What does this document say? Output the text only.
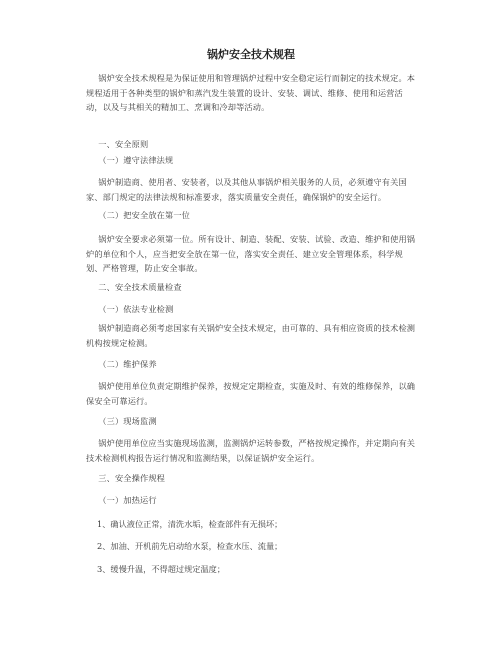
锅炉安全技术规程

锅炉安全技术规程是为保证使用和管理锅炉过程中安全稳定运行而制定的技术规定。本规程适用于各种类型的锅炉和蒸汽发生装置的设计、安装、调试、维修、使用和运营活动，以及与其相关的精加工、烹调和冷却等活动。

一、安全原则

（一）遵守法律法规

锅炉制造商、使用者、安装者，以及其他从事锅炉相关服务的人员，必须遵守有关国家、部门规定的法律法规和标准要求，落实质量安全责任，确保锅炉的安全运行。

（二）把安全放在第一位

锅炉安全要求必须第一位。所有设计、制造、装配、安装、试验、改造、维护和使用锅炉的单位和个人，应当把安全放在第一位，落实安全责任、建立安全管理体系，科学规划、严格管理，防止安全事故。

二、安全技术质量检查

（一）依法专业检测

锅炉制造商必须考虑国家有关锅炉安全技术规定，由可靠的、具有相应资质的技术检测机构按规定检测。

（二）维护保养

锅炉使用单位负责定期维护保养，按规定定期检查，实施及时、有效的维修保养，以确保安全可靠运行。

（三）现场监测

锅炉使用单位应当实施现场监测，监测锅炉运转参数，严格按规定操作，并定期向有关技术检测机构报告运行情况和监测结果，以保证锅炉安全运行。

三、安全操作规程

（一）加热运行

1、确认液位正常，清洗水垢，检查部件有无损坏；

2、加油、开机前先启动给水泵，检查水压、流量；

3、缓慢升温，不得超过规定温度；
